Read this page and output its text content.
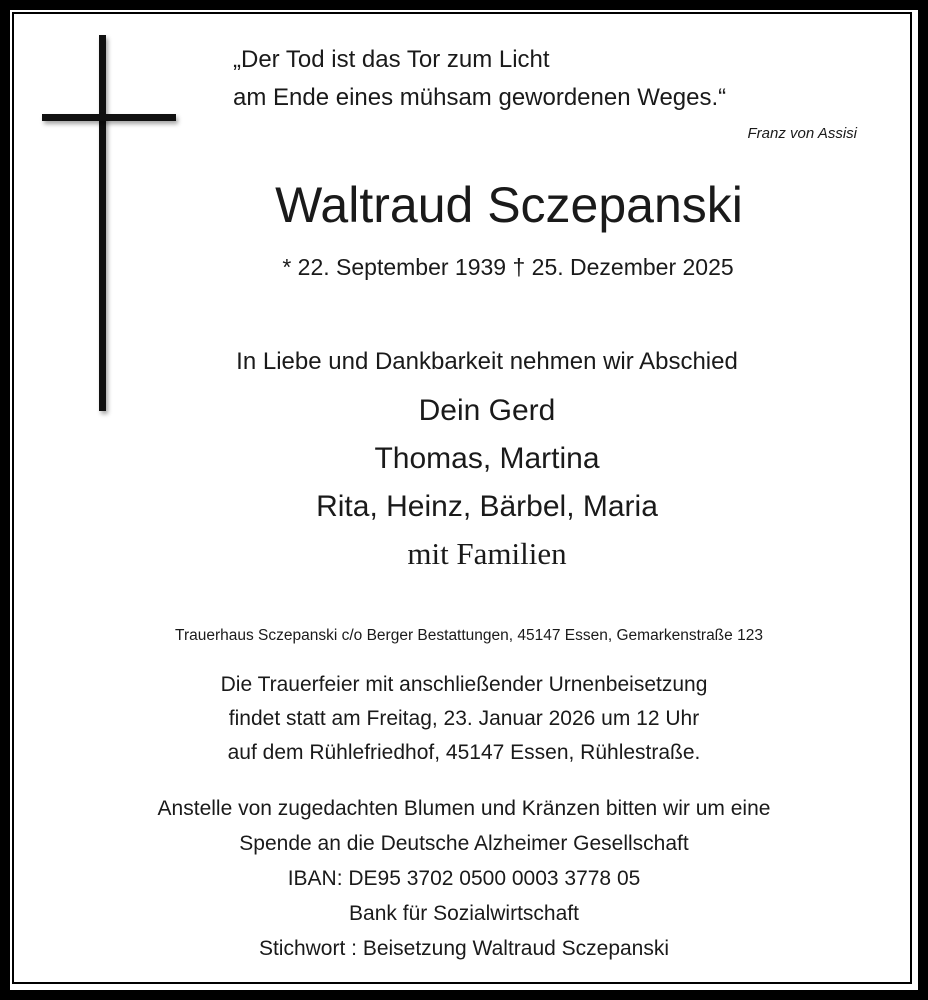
„Der Tod ist das Tor zum Licht
am Ende eines mühsam gewordenen Weges.“
Franz von Assisi
Waltraud Sczepanski
* 22. September 1939 † 25. Dezember 2025
In Liebe und Dankbarkeit nehmen wir Abschied
Dein Gerd
Thomas, Martina
Rita, Heinz, Bärbel, Maria
mit Familien
Trauerhaus Sczepanski c/o Berger Bestattungen, 45147 Essen, Gemarkenstraße 123
Die Trauerfeier mit anschließender Urnenbeisetzung
findet statt am Freitag, 23. Januar 2026 um 12 Uhr
auf dem Rühlefriedhof, 45147 Essen, Rühlestraße.
Anstelle von zugedachten Blumen und Kränzen bitten wir um eine
Spende an die Deutsche Alzheimer Gesellschaft
IBAN: DE95 3702 0500 0003 3778 05
Bank für Sozialwirtschaft
Stichwort : Beisetzung Waltraud Sczepanski
